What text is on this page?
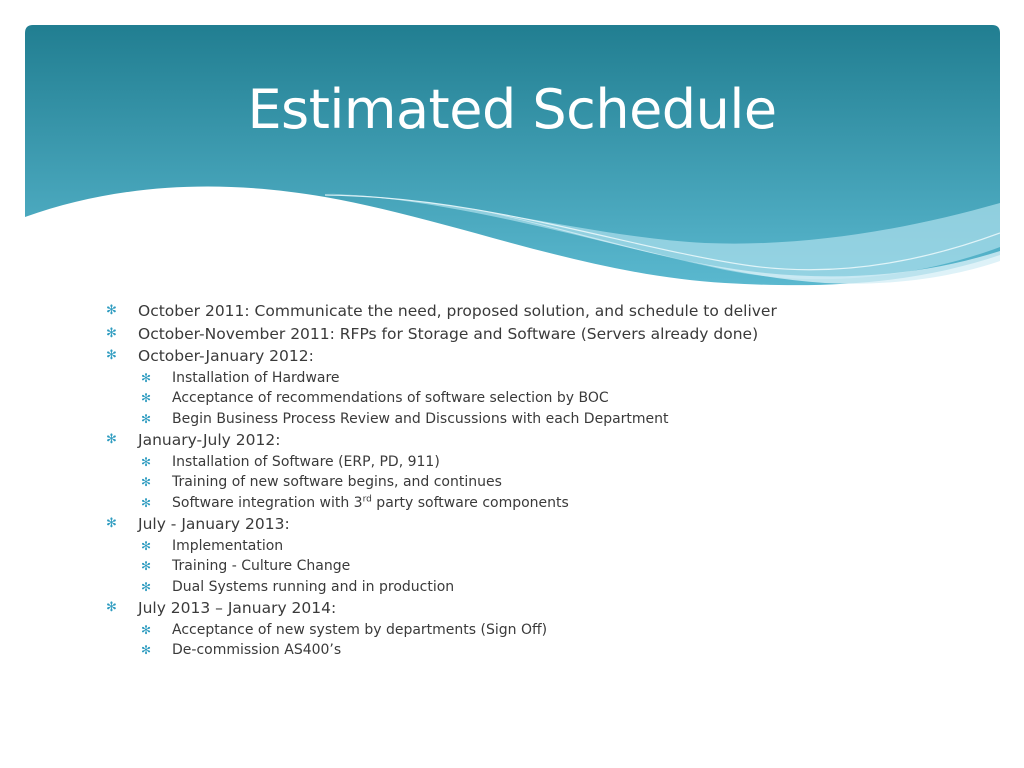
Estimated Schedule
✻ October 2011: Communicate the need, proposed solution, and schedule to deliver
✻ October-November 2011: RFPs for Storage and Software (Servers already done)
✻ October-January 2012:
✻ Installation of Hardware
✻ Acceptance of recommendations of software selection by BOC
✻ Begin Business Process Review and Discussions with each Department
✻ January-July 2012:
✻ Installation of Software (ERP, PD, 911)
✻ Training of new software begins, and continues
✻ Software integration with 3rd party software components
✻ July - January 2013:
✻ Implementation
✻ Training - Culture Change
✻ Dual Systems running and in production
✻ July 2013 – January 2014:
✻ Acceptance of new system by departments (Sign Off)
✻ De-commission AS400’s
